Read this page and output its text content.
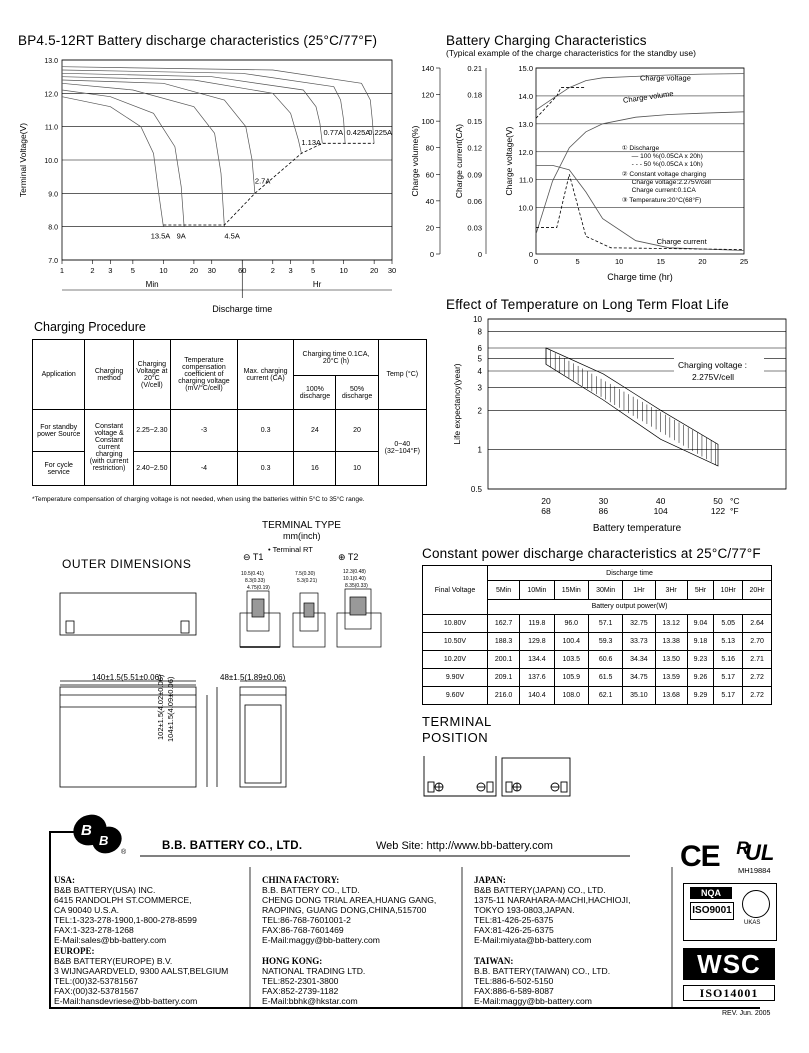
BP4.5-12RT Battery discharge characteristics (25°C/77°F)
13.0
12.0
11.0
10.0
9.0
8.0
7.0
1	2 3 5	10	20 30	60	2 3 5	10	20 30
Min	Hr
Discharge time
Terminal Voltage(V)
13.5A 9A	4.5A
2.7A
1.13A
0.77A 0.425A
0.225A
Battery Charging Characteristics
(Typical example of the charge characteristics for the standby use)
140	0.21
120	0.18
100	0.15
80	0.12
60	0.09
40	0.06
20	0.03
0	0
15.0
14.0
13.0
12.0
11.0
10.0
0
0	5	10	15	20	25
Charge time (hr)
Charge volume(%)	Charge current(CA)	Charge voltage(V)
Charge voltage
Charge volume
Charge current
① Discharge
— 100 %(0.05CA x 20h)
- - - 50 %(0.05CA x 10h)
② Constant voltage charging
Charge voltage:2.275V/cell
Charge current:0.1CA
③ Temperature:20°C(68°F)
Effect of Temperature on Long Term Float Life
10
8
6
5
4
3
2
1
0.5
20
68
30
86
40
104
50
122
°C
°F
Battery temperature
Life expectancy(year)	Charging voltage :
2.275V/cell
Charging Procedure
Application	Charging method	Charging Voltage at 20°C (V/cell)	Temperature compensation coefficient of charging voltage (mV/°C/cell)	Max. charging current (CA)	Charging time 0.1CA, 20°C (h)		Temp (°C)
					100% discharge	50% discharge	
For standby power Source	Constant voltage & Constant current charging (with current restriction)	2.25~2.30	-3	0.3	24	20	0~40 (32~104°F)
For cycle service		2.40~2.50	-4	0.3	16	10	
*Temperature compensation of charging voltage is not needed, when using the batteries within 5°C to 35°C range.
TERMINAL TYPE
mm(inch)
⊖ T1
• Terminal RT
⊕ T2
10.5(0.41)
8.3(0.33)
4.75(0.19)
7.5(0.30)
5.3(0.21)
12.3(0.48)
10.1(0.40)
8.35(0.33)
OUTER DIMENSIONS
140±1.5(5.51±0.06)	48±1.5(1.89±0.06)
102±1.5(4.02±0.06) 104±1.5(4.09±0.06)
Constant power discharge characteristics at 25°C/77°F
Final Voltage	Discharge time								
	5Min	10Min	15Min	30Min	1Hr	3Hr	5Hr	10Hr	20Hr
	Battery output power(W)								
10.80V	162.7	119.8	96.0	57.1	32.75	13.12	9.04	5.05	2.64
10.50V	188.3	129.8	100.4	59.3	33.73	13.38	9.18	5.13	2.70
10.20V	200.1	134.4	103.5	60.6	34.34	13.50	9.23	5.16	2.71
9.90V	209.1	137.6	105.9	61.5	34.75	13.59	9.26	5.17	2.72
9.60V	216.0	140.4	108.0	62.1	35.10	13.68	9.29	5.17	2.72
TERMINAL
POSITION
B
B
®
B.B. BATTERY CO., LTD.	Web Site: http://www.bb-battery.com
USA:
B&B BATTERY(USA) INC.
6415 RANDOLPH ST.COMMERCE,
CA 90040 U.S.A.
TEL:1-323-278-1900,1-800-278-8599
FAX:1-323-278-1268
E-Mail:sales@bb-battery.com
EUROPE:
B&B BATTERY(EUROPE) B.V.
3 WIJNGAARDVELD, 9300 AALST,BELGIUM
TEL:(00)32-53781567
FAX:(00)32-53781567
E-Mail:hansdevriese@bb-battery.com
CHINA FACTORY:
B.B. BATTERY CO., LTD.
CHENG DONG TRIAL AREA,HUANG GANG,
RAOPING, GUANG DONG,CHINA,515700
TEL:86-768-7601001-2
FAX:86-768-7601469
E-Mail:maggy@bb-battery.com
HONG KONG:
NATIONAL TRADING LTD.
TEL:852-2301-3800
FAX:852-2739-1182
E-Mail:bbhk@hkstar.com
JAPAN:
B&B BATTERY(JAPAN) CO., LTD.
1375-11 NARAHARA-MACHI,HACHIOJI,
TOKYO 193-0803,JAPAN.
TEL:81-426-25-6375
FAX:81-426-25-6375
E-Mail:miyata@bb-battery.com
TAIWAN:
B.B. BATTERY(TAIWAN) CO., LTD.
TEL:886-6-502-5150
FAX:886-6-589-8087
E-Mail:maggy@bb-battery.com
CE ᴿ
UL
MH19884
NQA
ISO9001
UKAS
WSC
ISO14001
REV. Jun. 2005
